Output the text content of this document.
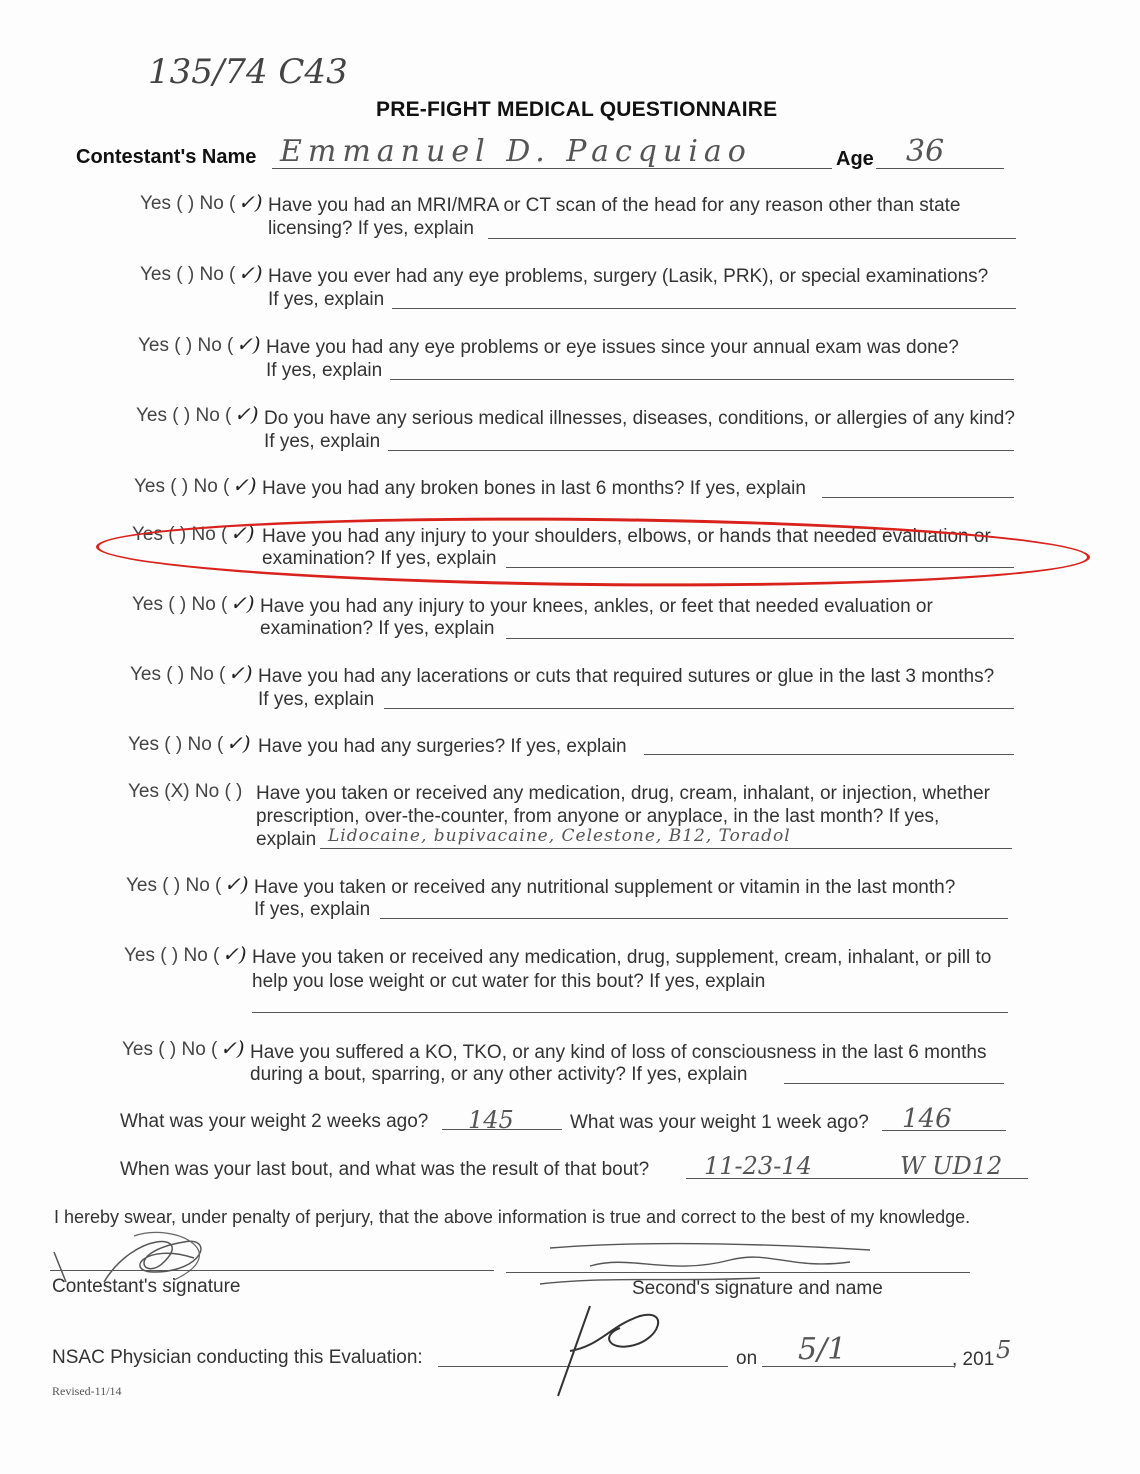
135/74 C43
PRE-FIGHT MEDICAL QUESTIONNAIRE
Contestant's Name Emmanuel D. Pacquiao	Age 36
Yes ( ) No ( ✓) Have you had an MRI/MRA or CT scan of the head for any reason other than state
licensing? If yes, explain
Yes ( ) No ( ✓) Have you ever had any eye problems, surgery (Lasik, PRK), or special examinations?
If yes, explain
Yes ( ) No ( ✓) Have you had any eye problems or eye issues since your annual exam was done?
If yes, explain
Yes ( ) No ( ✓) Do you have any serious medical illnesses, diseases, conditions, or allergies of any kind?
If yes, explain
Yes ( ) No ( ✓) Have you had any broken bones in last 6 months? If yes, explain
Yes ( ) No ( ✓) Have you had any injury to your shoulders, elbows, or hands that needed evaluation or
examination? If yes, explain
Yes ( ) No ( ✓) Have you had any injury to your knees, ankles, or feet that needed evaluation or
examination? If yes, explain
Yes ( ) No ( ✓) Have you had any lacerations or cuts that required sutures or glue in the last 3 months?
If yes, explain
Yes ( ) No ( ✓) Have you had any surgeries? If yes, explain
Yes (X) No ( ) Have you taken or received any medication, drug, cream, inhalant, or injection, whether
prescription, over-the-counter, from anyone or anyplace, in the last month? If yes,
explain Lidocaine, bupivacaine, Celestone, B12, Toradol
Yes ( ) No ( ✓) Have you taken or received any nutritional supplement or vitamin in the last month?
If yes, explain
Yes ( ) No ( ✓) Have you taken or received any medication, drug, supplement, cream, inhalant, or pill to
help you lose weight or cut water for this bout? If yes, explain
Yes ( ) No ( ✓) Have you suffered a KO, TKO, or any kind of loss of consciousness in the last 6 months
during a bout, sparring, or any other activity? If yes, explain
What was your weight 2 weeks ago? 145	What was your weight 1 week ago? 146
When was your last bout, and what was the result of that bout? 11-23-14	W UD12
I hereby swear, under penalty of perjury, that the above information is true and correct to the best of my knowledge.
Contestant's signature	Second's signature and name
NSAC Physician conducting this Evaluation:	on 5/1	, 201 5
Revised-11/14
